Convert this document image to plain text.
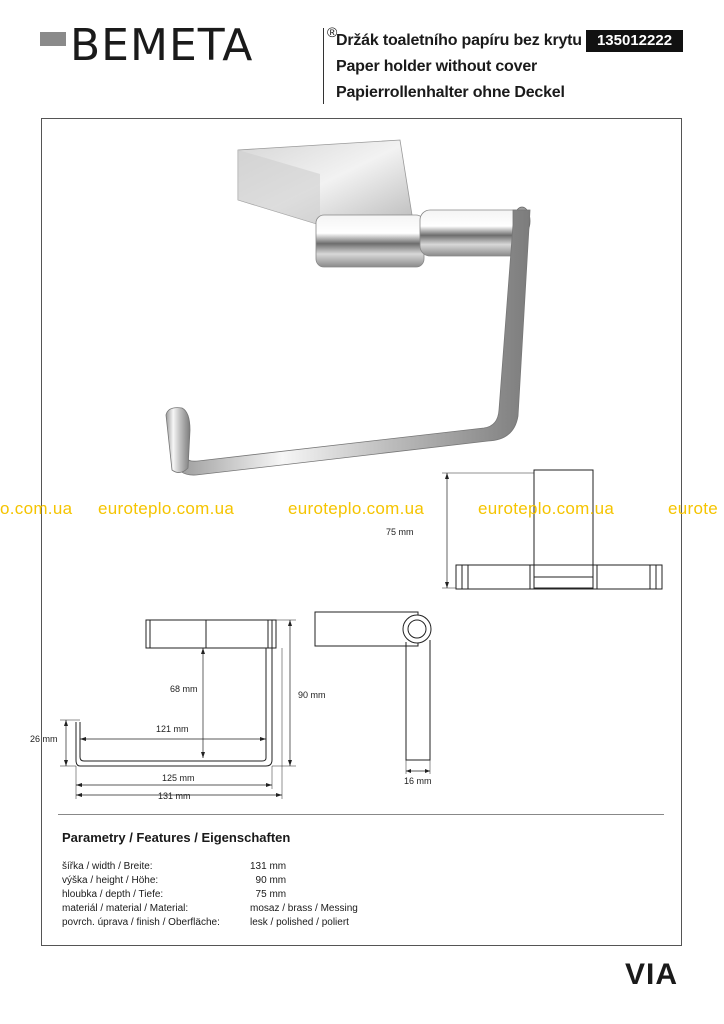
BEMETA	®
Držák toaletního papíru bez krytu
Paper holder without cover
Papierrollenhalter ohne Deckel
135012222
75 mm
68 mm
90 mm
121 mm
26 mm
125 mm
131 mm
16 mm
o.com.ua euroteplo.com.ua	euroteplo.com.ua	euroteplo.com.ua	eurote
Parametry / Features / Eigenschaften
šířka / width / Breite:	131 mm
výška / height / Höhe:	90 mm
hloubka / depth / Tiefe:	75 mm
materiál / material / Material:	mosaz / brass / Messing
povrch. úprava / finish / Oberfläche:	lesk / polished / poliert
VIA
